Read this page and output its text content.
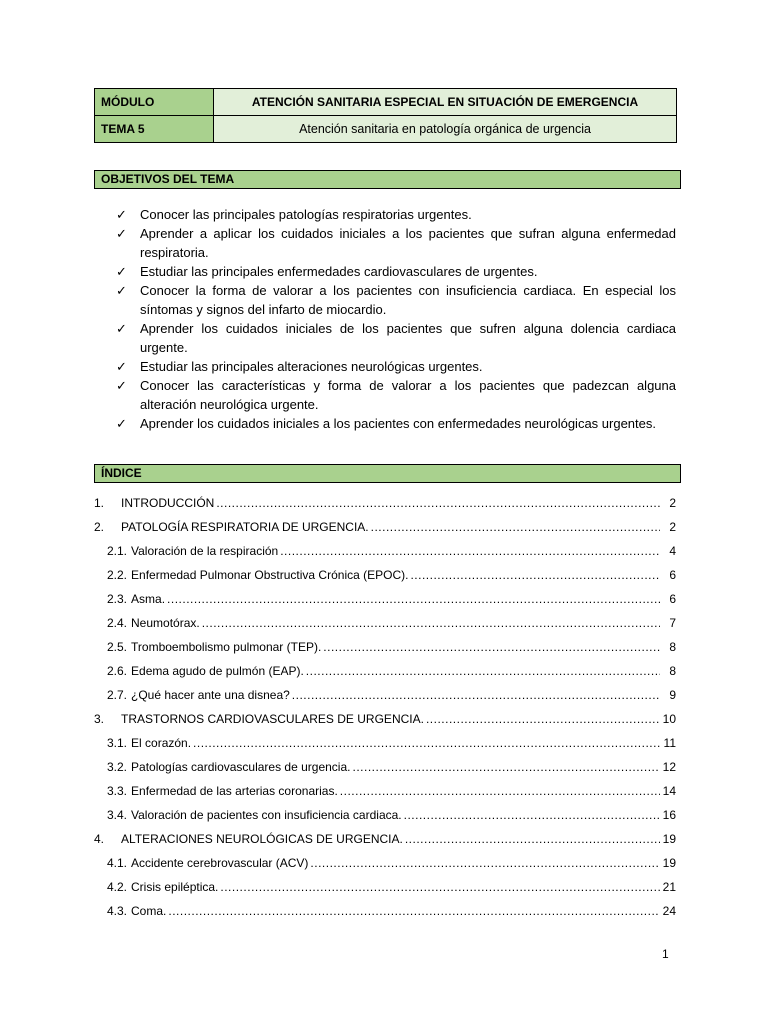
MÓDULO	ATENCIÓN SANITARIA ESPECIAL EN SITUACIÓN DE EMERGENCIA
TEMA 5	Atención sanitaria en patología orgánica de urgencia
OBJETIVOS DEL TEMA
✓	Conocer las principales patologías respiratorias urgentes.
✓	Aprender a aplicar los cuidados iniciales a los pacientes que sufran alguna enfermedad respiratoria.
✓	Estudiar las principales enfermedades cardiovasculares de urgentes.
✓	Conocer la forma de valorar a los pacientes con insuficiencia cardiaca. En especial los síntomas y signos del infarto de miocardio.
✓	Aprender los cuidados iniciales de los pacientes que sufren alguna dolencia cardiaca urgente.
✓	Estudiar las principales alteraciones neurológicas urgentes.
✓	Conocer las características y forma de valorar a los pacientes que padezcan alguna alteración neurológica urgente.
✓	Aprender los cuidados iniciales a los pacientes con enfermedades neurológicas urgentes.
ÍNDICE
1.	INTRODUCCIÓN .....	2
2.	PATOLOGÍA RESPIRATORIA DE URGENCIA. .....	2
2.1. Valoración de la respiración .....	4
2.2. Enfermedad Pulmonar Obstructiva Crónica (EPOC). .....	6
2.3. Asma. .....	6
2.4. Neumotórax. .....	7
2.5. Tromboembolismo pulmonar (TEP). .....	8
2.6. Edema agudo de pulmón (EAP). .....	8
2.7. ¿Qué hacer ante una disnea? .....	9
3.	TRASTORNOS CARDIOVASCULARES DE URGENCIA. .....	10
3.1. El corazón. .....	11
3.2. Patologías cardiovasculares de urgencia. .....	12
3.3. Enfermedad de las arterias coronarias. .....	14
3.4. Valoración de pacientes con insuficiencia cardiaca. .....	16
4.	ALTERACIONES NEUROLÓGICAS DE URGENCIA. .....	19
4.1. Accidente cerebrovascular (ACV) .....	19
4.2. Crisis epiléptica. .....	21
4.3. Coma. .....	24
1
